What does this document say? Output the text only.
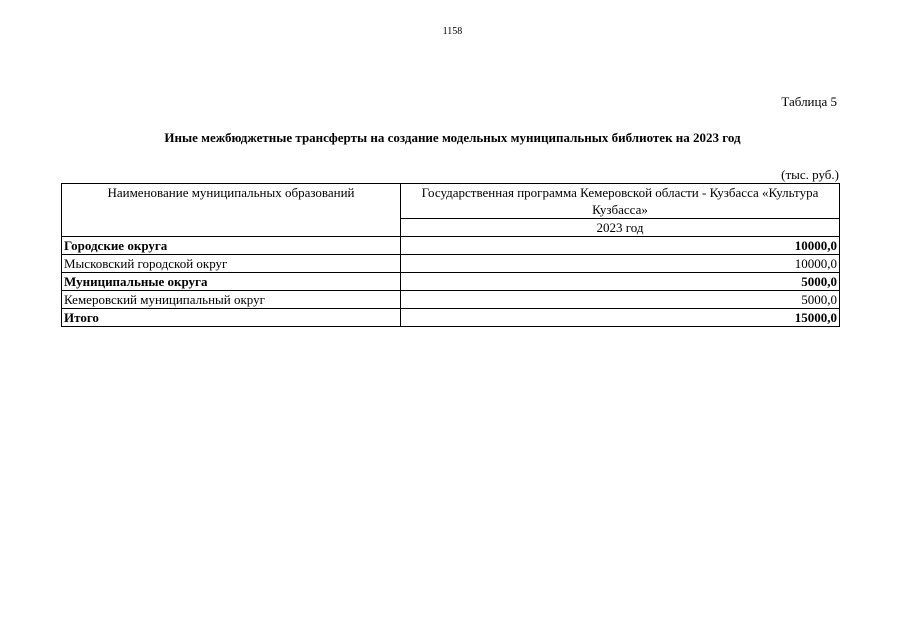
1158
Таблица 5
Иные межбюджетные трансферты на создание модельных муниципальных библиотек на 2023 год
(тыс. руб.)
Наименование муниципальных образований	Государственная программа Кемеровской области - Кузбасса «Культура Кузбасса»
	2023 год
Городские округа	10000,0
Мысковский городской округ	10000,0
Муниципальные округа	5000,0
Кемеровский муниципальный округ	5000,0
Итого	15000,0
